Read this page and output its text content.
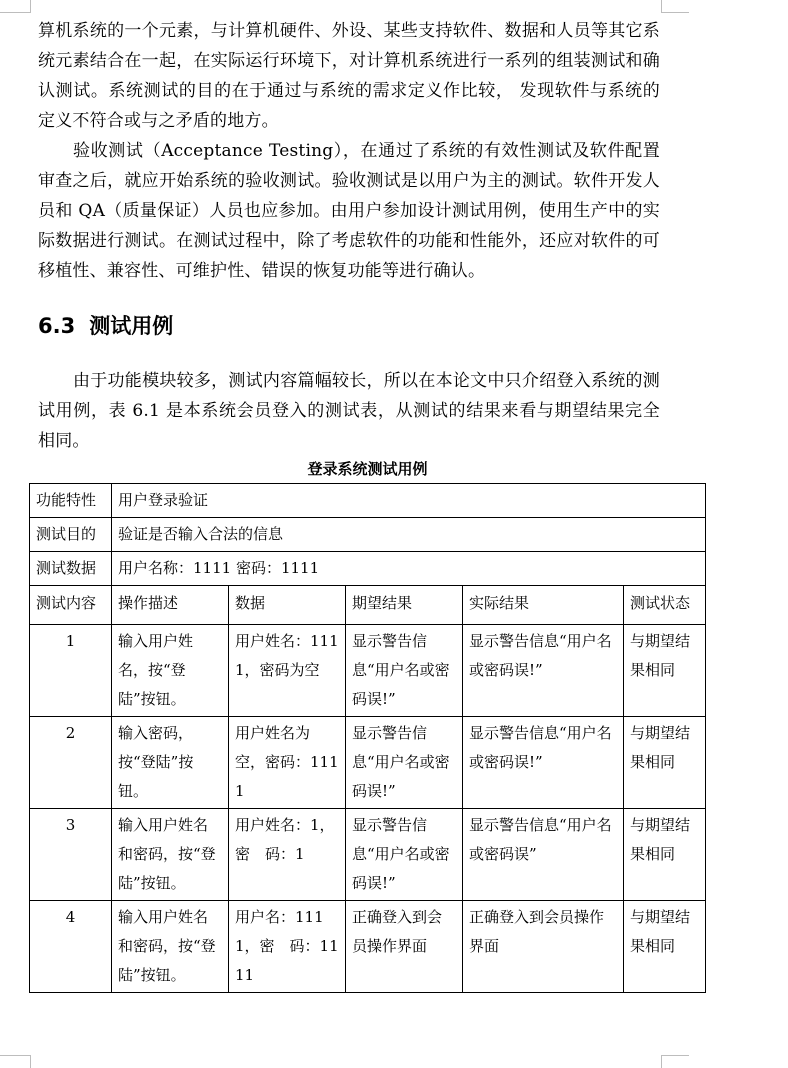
算机系统的一个元素，与计算机硬件、外设、某些支持软件、数据和人员等其它系统元素结合在一起，在实际运行环境下，对计算机系统进行一系列的组装测试和确认测试。系统测试的目的在于通过与系统的需求定义作比较， 发现软件与系统的定义不符合或与之矛盾的地方。

验收测试（Acceptance Testing），在通过了系统的有效性测试及软件配置审查之后，就应开始系统的验收测试。验收测试是以用户为主的测试。软件开发人员和 QA（质量保证）人员也应参加。由用户参加设计测试用例，使用生产中的实际数据进行测试。在测试过程中，除了考虑软件的功能和性能外，还应对软件的可移植性、兼容性、可维护性、错误的恢复功能等进行确认。

6.3 测试用例

由于功能模块较多，测试内容篇幅较长，所以在本论文中只介绍登入系统的测试用例，表 6.1 是本系统会员登入的测试表，从测试的结果来看与期望结果完全相同。

登录系统测试用例
功能特性	用户登录验证				
测试目的	验证是否输入合法的信息				
测试数据	用户名称：1111 密码：1111				
测试内容	操作描述	数据	期望结果	实际结果	测试状态
1	输入用户姓名，按“登陆”按钮。	用户姓名：1111，密码为空	显示警告信息“用户名或密码误!”	显示警告信息“用户名或密码误!”	与期望结果相同
2	输入密码，按“登陆”按钮。	用户姓名为空，密码：1111	显示警告信息“用户名或密码误!”	显示警告信息“用户名或密码误!”	与期望结果相同
3	输入用户姓名和密码，按“登陆”按钮。	用户姓名：1，密　码：1	显示警告信息“用户名或密码误!”	显示警告信息“用户名或密码误”	与期望结果相同
4	输入用户姓名和密码，按“登陆”按钮。	用户名：1111，密　码：1111	正确登入到会员操作界面	正确登入到会员操作界面	与期望结果相同
